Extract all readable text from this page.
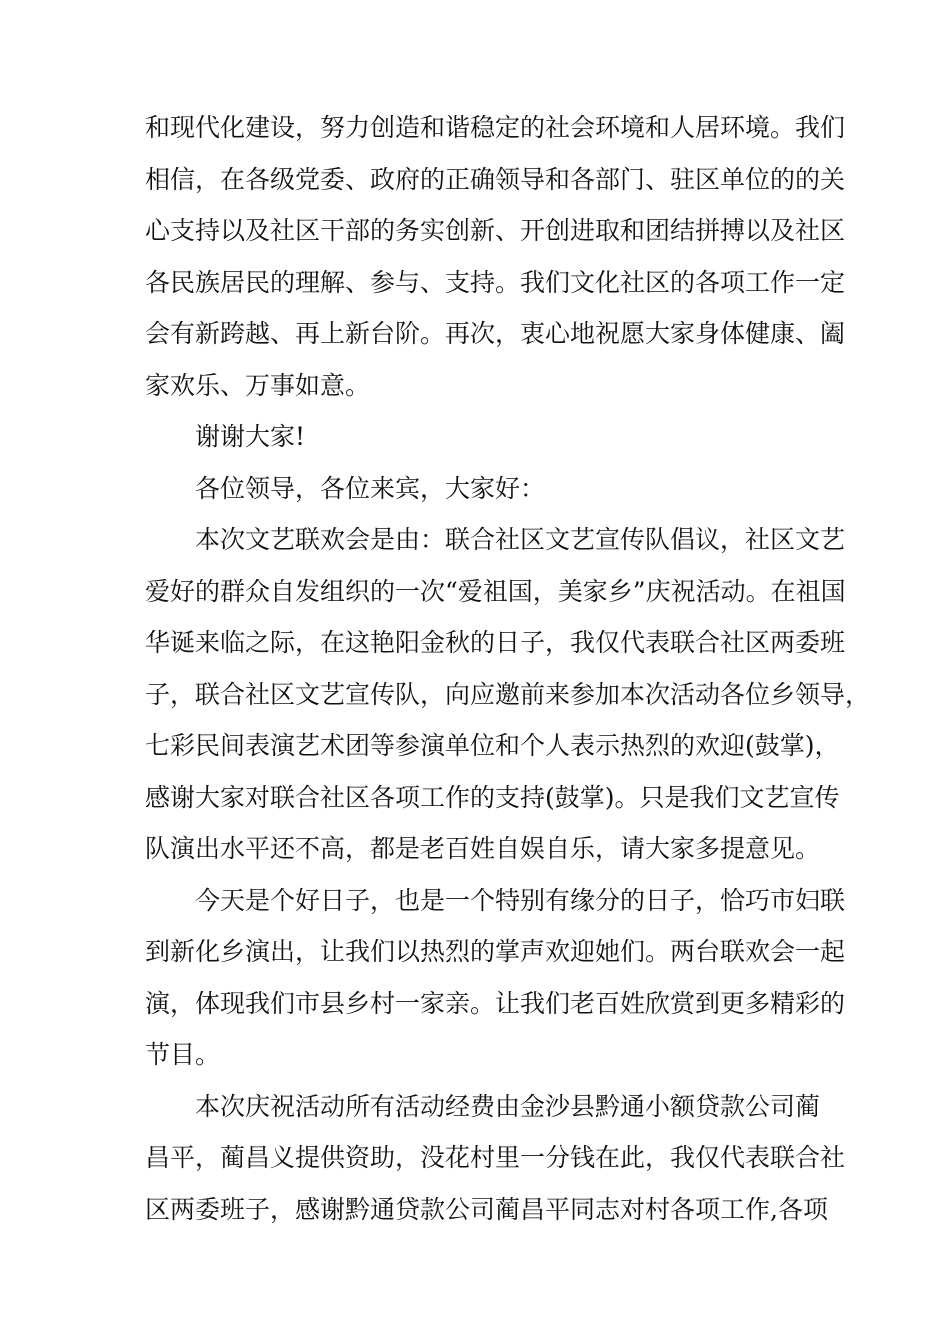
和现代化建设，努力创造和谐稳定的社会环境和人居环境。我们
相信，在各级党委、政府的正确领导和各部门、驻区单位的的关
心支持以及社区干部的务实创新、开创进取和团结拼搏以及社区
各民族居民的理解、参与、支持。我们文化社区的各项工作一定
会有新跨越、再上新台阶。再次，衷心地祝愿大家身体健康、阖
家欢乐、万事如意。

谢谢大家!

各位领导，各位来宾，大家好：

本次文艺联欢会是由：联合社区文艺宣传队倡议，社区文艺
爱好的群众自发组织的一次“爱祖国，美家乡”庆祝活动。在祖国
华诞来临之际，在这艳阳金秋的日子，我仅代表联合社区两委班
子，联合社区文艺宣传队，向应邀前来参加本次活动各位乡领导，
七彩民间表演艺术团等参演单位和个人表示热烈的欢迎(鼓掌)，
感谢大家对联合社区各项工作的支持(鼓掌)。只是我们文艺宣传
队演出水平还不高，都是老百姓自娱自乐，请大家多提意见。

今天是个好日子，也是一个特别有缘分的日子，恰巧市妇联
到新化乡演出，让我们以热烈的掌声欢迎她们。两台联欢会一起
演，体现我们市县乡村一家亲。让我们老百姓欣赏到更多精彩的
节目。

本次庆祝活动所有活动经费由金沙县黔通小额贷款公司蔺
昌平，蔺昌义提供资助，没花村里一分钱在此，我仅代表联合社
区两委班子，感谢黔通贷款公司蔺昌平同志对村各项工作,各项
